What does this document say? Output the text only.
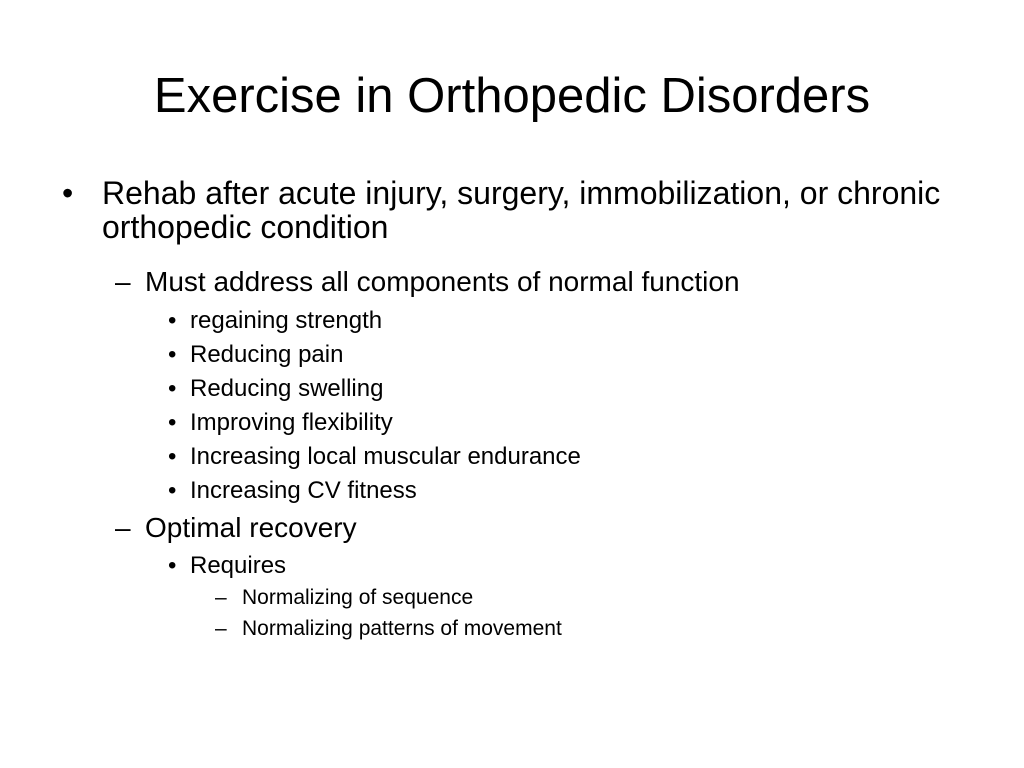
Exercise in Orthopedic Disorders
• Rehab after acute injury, surgery, immobilization, or chronic orthopedic condition
– Must address all components of normal function
• regaining strength
• Reducing pain
• Reducing swelling
• Improving flexibility
• Increasing local muscular endurance
• Increasing CV fitness
– Optimal recovery
• Requires
– Normalizing of sequence
– Normalizing patterns of movement
